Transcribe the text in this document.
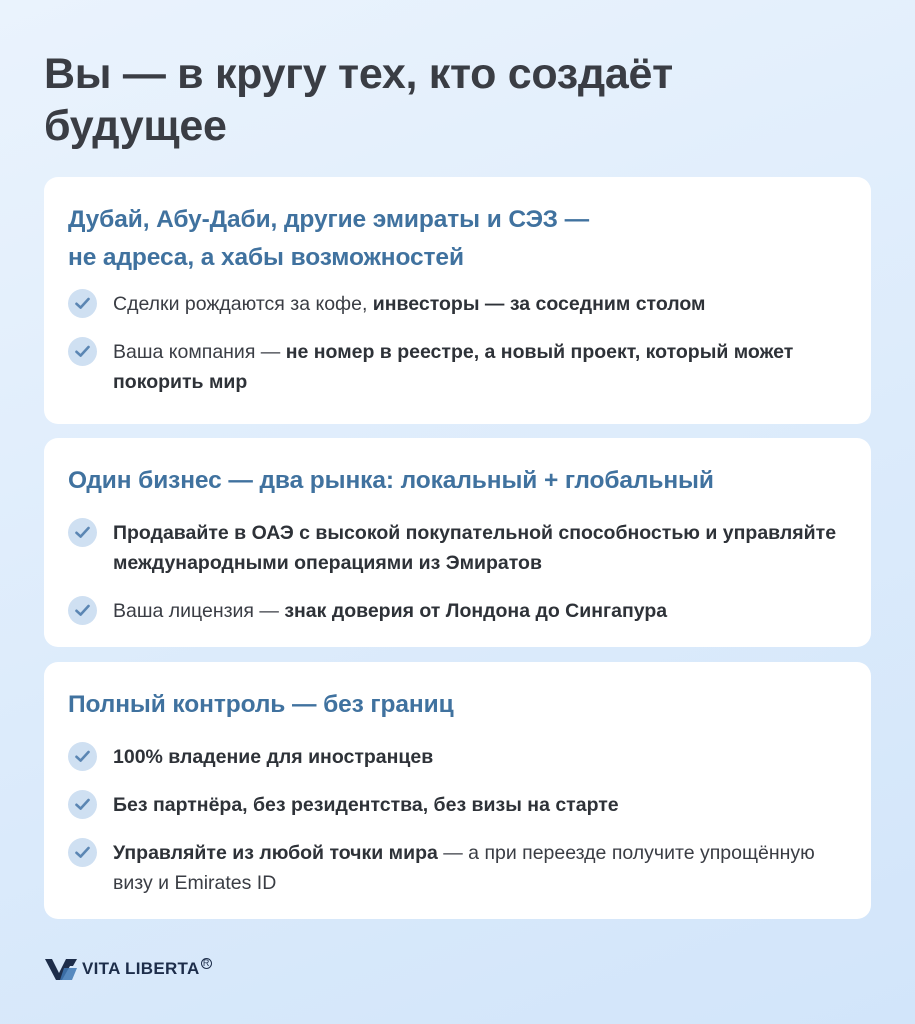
Вы — в кругу тех, кто создаёт будущее
Дубай, Абу-Даби, другие эмираты и СЭЗ —
не адреса, а хабы возможностей
Сделки рождаются за кофе, инвесторы — за соседним столом
Ваша компания — не номер в реестре, а новый проект, который может покорить мир
Один бизнес — два рынка: локальный + глобальный
Продавайте в ОАЭ с высокой покупательной способностью и управляйте международными операциями из Эмиратов
Ваша лицензия — знак доверия от Лондона до Сингапура
Полный контроль — без границ
100% владение для иностранцев
Без партнёра, без резидентства, без визы на старте
Управляйте из любой точки мира — а при переезде получите упрощённую визу и Emirates ID
VITA LIBERTA R
